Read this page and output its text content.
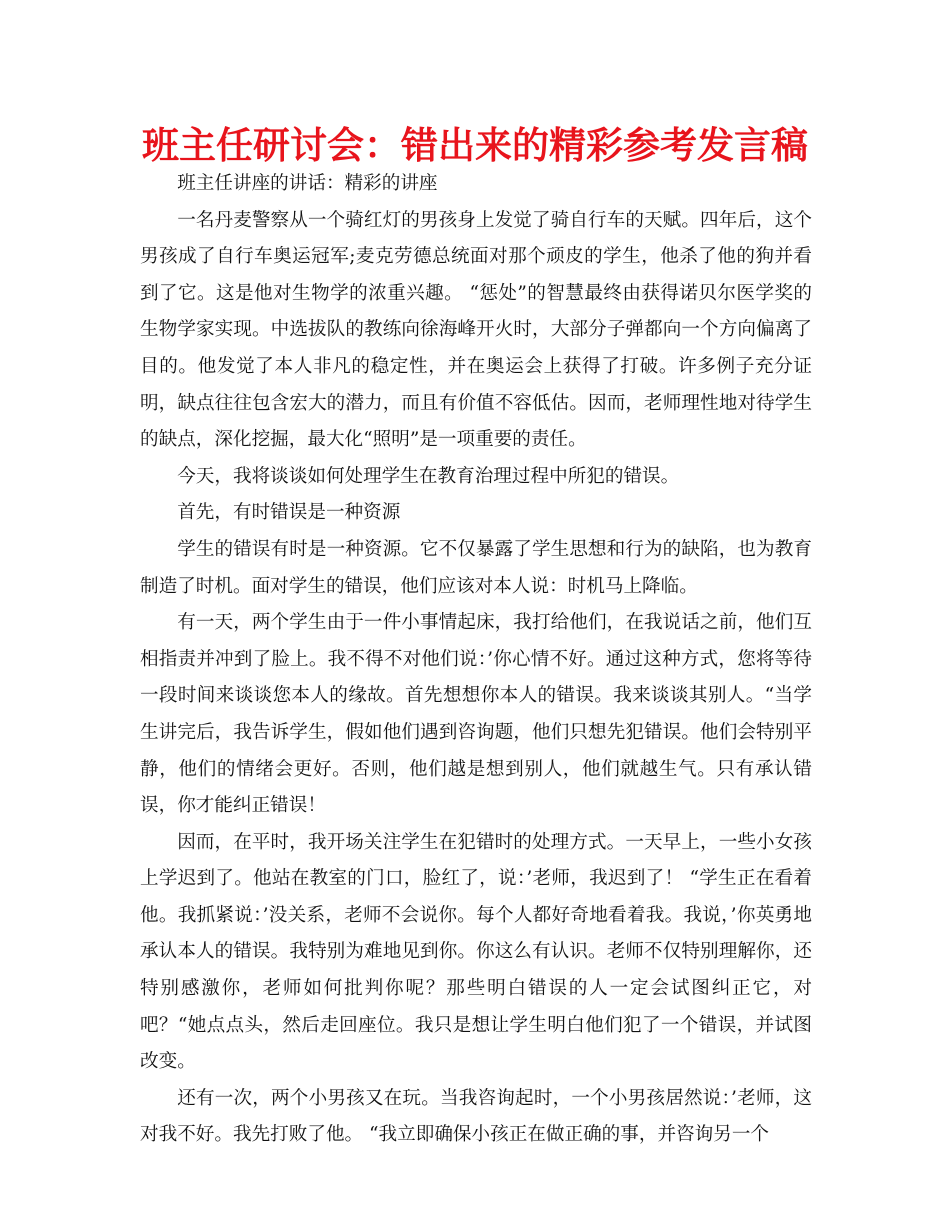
班主任研讨会：错出来的精彩参考发言稿

班主任讲座的讲话：精彩的讲座

一名丹麦警察从一个骑红灯的男孩身上发觉了骑自行车的天赋。四年后，这个男孩成了自行车奥运冠军;麦克劳德总统面对那个顽皮的学生，他杀了他的狗并看到了它。这是他对生物学的浓重兴趣。 “惩处”的智慧最终由获得诺贝尔医学奖的生物学家实现。中选拔队的教练向徐海峰开火时，大部分子弹都向一个方向偏离了目的。他发觉了本人非凡的稳定性，并在奥运会上获得了打破。许多例子充分证明，缺点往往包含宏大的潜力，而且有价值不容低估。因而，老师理性地对待学生的缺点，深化挖掘，最大化“照明”是一项重要的责任。

今天，我将谈谈如何处理学生在教育治理过程中所犯的错误。

首先，有时错误是一种资源

学生的错误有时是一种资源。它不仅暴露了学生思想和行为的缺陷，也为教育制造了时机。面对学生的错误，他们应该对本人说：时机马上降临。

有一天，两个学生由于一件小事情起床，我打给他们，在我说话之前，他们互相指责并冲到了脸上。我不得不对他们说：’你心情不好。通过这种方式，您将等待一段时间来谈谈您本人的缘故。首先想想你本人的错误。我来谈谈其别人。“当学生讲完后，我告诉学生，假如他们遇到咨询题，他们只想先犯错误。他们会特别平静，他们的情绪会更好。否则，他们越是想到别人，他们就越生气。只有承认错误，你才能纠正错误！

因而，在平时，我开场关注学生在犯错时的处理方式。一天早上，一些小女孩上学迟到了。他站在教室的门口，脸红了，说：’老师，我迟到了！ “学生正在看着他。我抓紧说：’没关系，老师不会说你。每个人都好奇地看着我。我说，’你英勇地承认本人的错误。我特别为难地见到你。你这么有认识。老师不仅特别理解你，还特别感激你，老师如何批判你呢？那些明白错误的人一定会试图纠正它，对吧？“她点点头，然后走回座位。我只是想让学生明白他们犯了一个错误，并试图改变。

还有一次，两个小男孩又在玩。当我咨询起时，一个小男孩居然说：’老师，这对我不好。我先打败了他。 “我立即确保小孩正在做正确的事，并咨询另一个
